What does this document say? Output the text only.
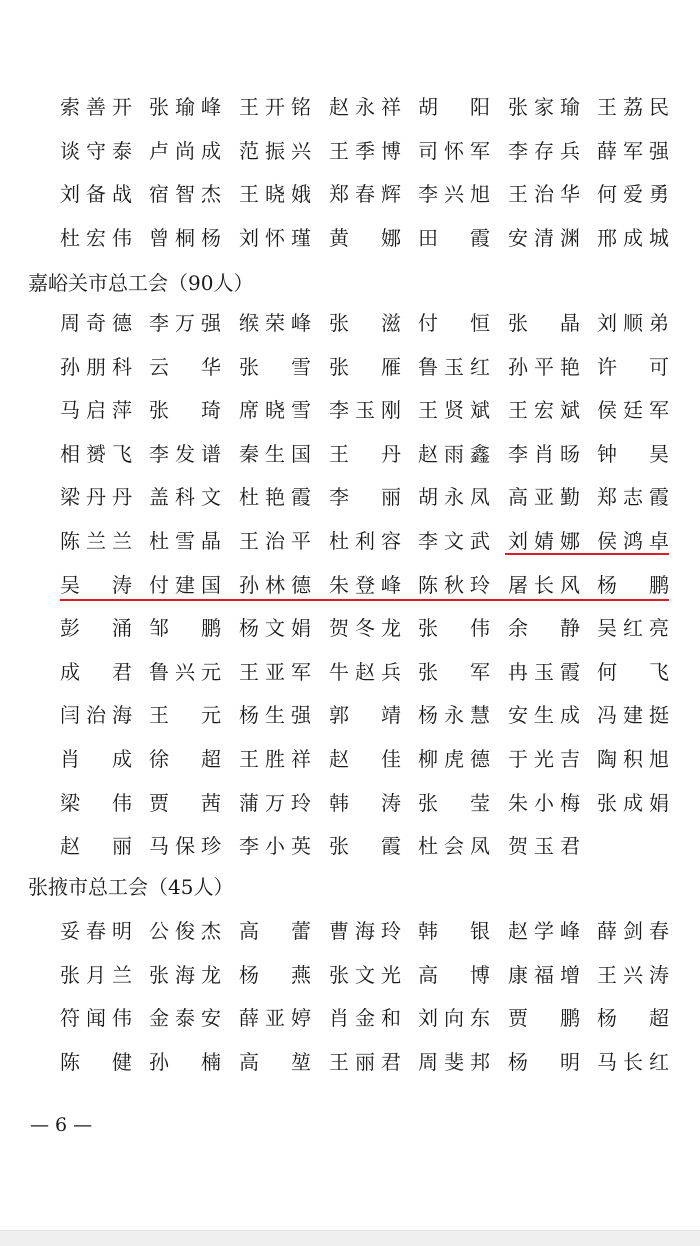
索善开 张瑜峰 王开铭 赵永祥 胡　阳 张家瑜 王荔民
谈守泰 卢尚成 范振兴 王季博 司怀军 李存兵 薛军强
刘备战 宿智杰 王晓娥 郑春辉 李兴旭 王治华 何爱勇
杜宏伟 曾桐杨 刘怀瑾 黄　娜 田　霞 安清渊 邢成城
周奇德 李万强 缑荣峰 张　滋 付　恒 张　晶 刘顺弟
孙朋科 云　华 张　雪 张　雁 鲁玉红 孙平艳 许　可
马启萍 张　琦 席晓雪 李玉刚 王贤斌 王宏斌 侯廷军
相赟飞 李发谱 秦生国 王　丹 赵雨鑫 李肖旸 钟　昊
梁丹丹 盖科文 杜艳霞 李　丽 胡永凤 高亚勤 郑志霞
陈兰兰 杜雪晶 王治平 杜利容 李文武 刘婧娜 侯鸿卓
吴　涛 付建国 孙林德 朱登峰 陈秋玲 屠长风 杨　鹏
彭　涌 邹　鹏 杨文娟 贺冬龙 张　伟 余　静 吴红亮
成　君 鲁兴元 王亚军 牛赵兵 张　军 冉玉霞 何　飞
闫治海 王　元 杨生强 郭　靖 杨永慧 安生成 冯建挺
肖　成 徐　超 王胜祥 赵　佳 柳虎德 于光吉 陶积旭
梁　伟 贾　茜 蒲万玲 韩　涛 张　莹 朱小梅 张成娟
赵　丽 马保珍 李小英 张　霞 杜会凤 贺玉君
妥春明 公俊杰 高　蕾 曹海玲 韩　银 赵学峰 薛剑春
张月兰 张海龙 杨　燕 张文光 高　博 康福增 王兴涛
符闻伟 金泰安 薛亚婷 肖金和 刘向东 贾　鹏 杨　超
陈　健 孙　楠 高　堃 王丽君 周斐邦 杨　明 马长红
嘉峪关市总工会（90人）
张掖市总工会（45人）
— 6 —
